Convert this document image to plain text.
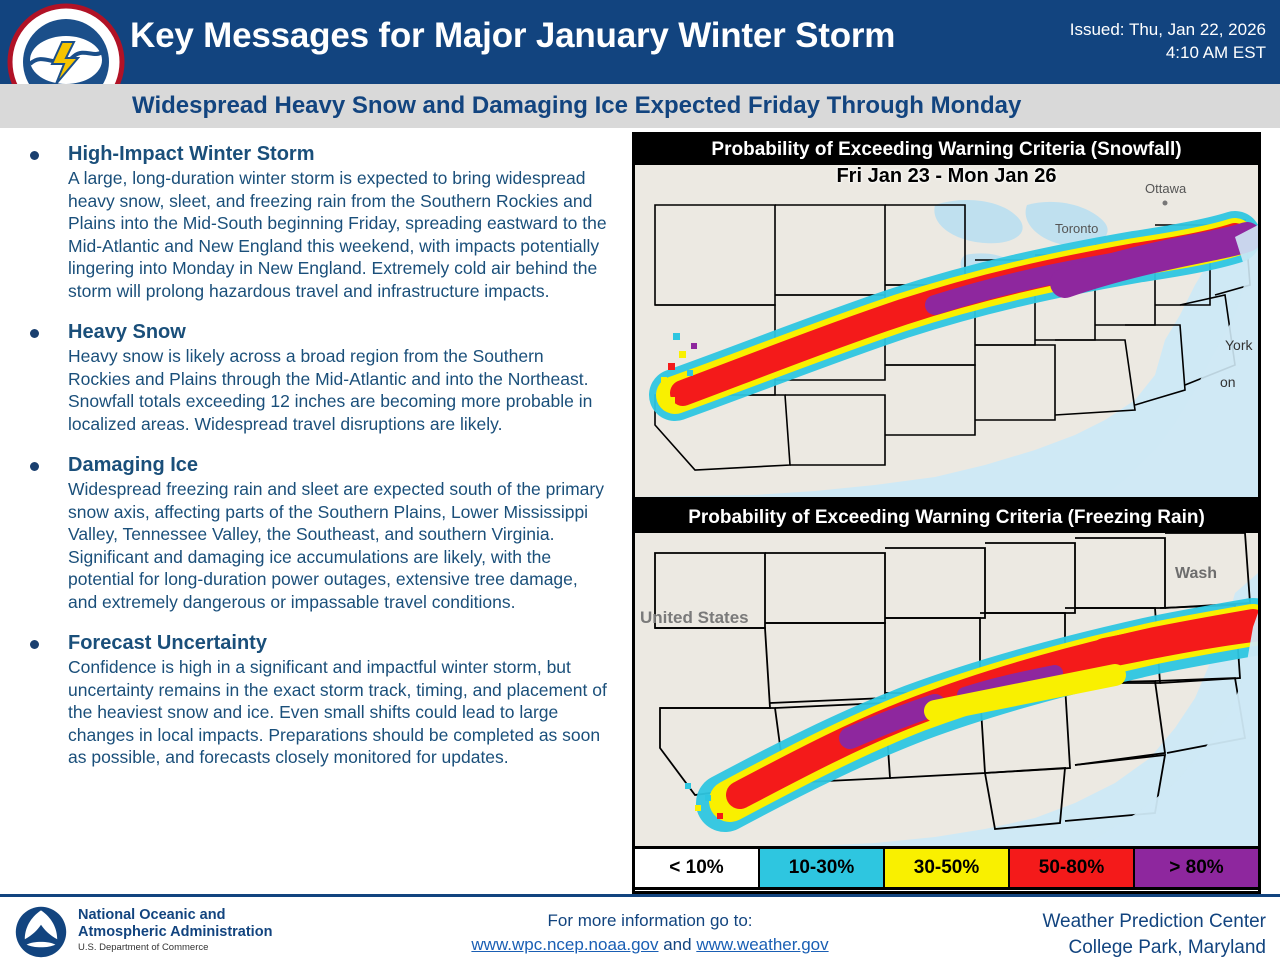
Key Messages for Major January Winter Storm	Issued: Thu, Jan 22, 2026
4:10 AM EST
Widespread Heavy Snow and Damaging Ice Expected Friday Through Monday
High-Impact Winter Storm

A large, long-duration winter storm is expected to bring widespread heavy snow, sleet, and freezing rain from the Southern Rockies and Plains into the Mid-South beginning Friday, spreading eastward to the Mid-Atlantic and New England this weekend, with impacts potentially lingering into Monday in New England. Extremely cold air behind the storm will prolong hazardous travel and infrastructure impacts.

Heavy Snow

Heavy snow is likely across a broad region from the Southern Rockies and Plains through the Mid-Atlantic and into the Northeast. Snowfall totals exceeding 12 inches are becoming more probable in localized areas. Widespread travel disruptions are likely.

Damaging Ice

Widespread freezing rain and sleet are expected south of the primary snow axis, affecting parts of the Southern Plains, Lower Mississippi Valley, Tennessee Valley, the Southeast, and southern Virginia. Significant and damaging ice accumulations are likely, with the potential for long-duration power outages, extensive tree damage, and extremely dangerous or impassable travel conditions.

Forecast Uncertainty

Confidence is high in a significant and impactful winter storm, but uncertainty remains in the exact storm track, timing, and placement of the heaviest snow and ice. Even small shifts could lead to large changes in local impacts. Preparations should be completed as soon as possible, and forecasts closely monitored for updates.

Probability of Exceeding Warning Criteria (Snowfall)
Ottawa
Toronto
York
on
Fri Jan 23 - Mon Jan 26
Probability of Exceeding Warning Criteria (Freezing Rain)
Wash
United States
< 10%	10-30%	30-50%	50-80%	> 80%
National Oceanic and
Atmospheric Administration
U.S. Department of Commerce
For more information go to:
www.wpc.ncep.noaa.gov and www.weather.gov
Weather Prediction Center
College Park, Maryland
